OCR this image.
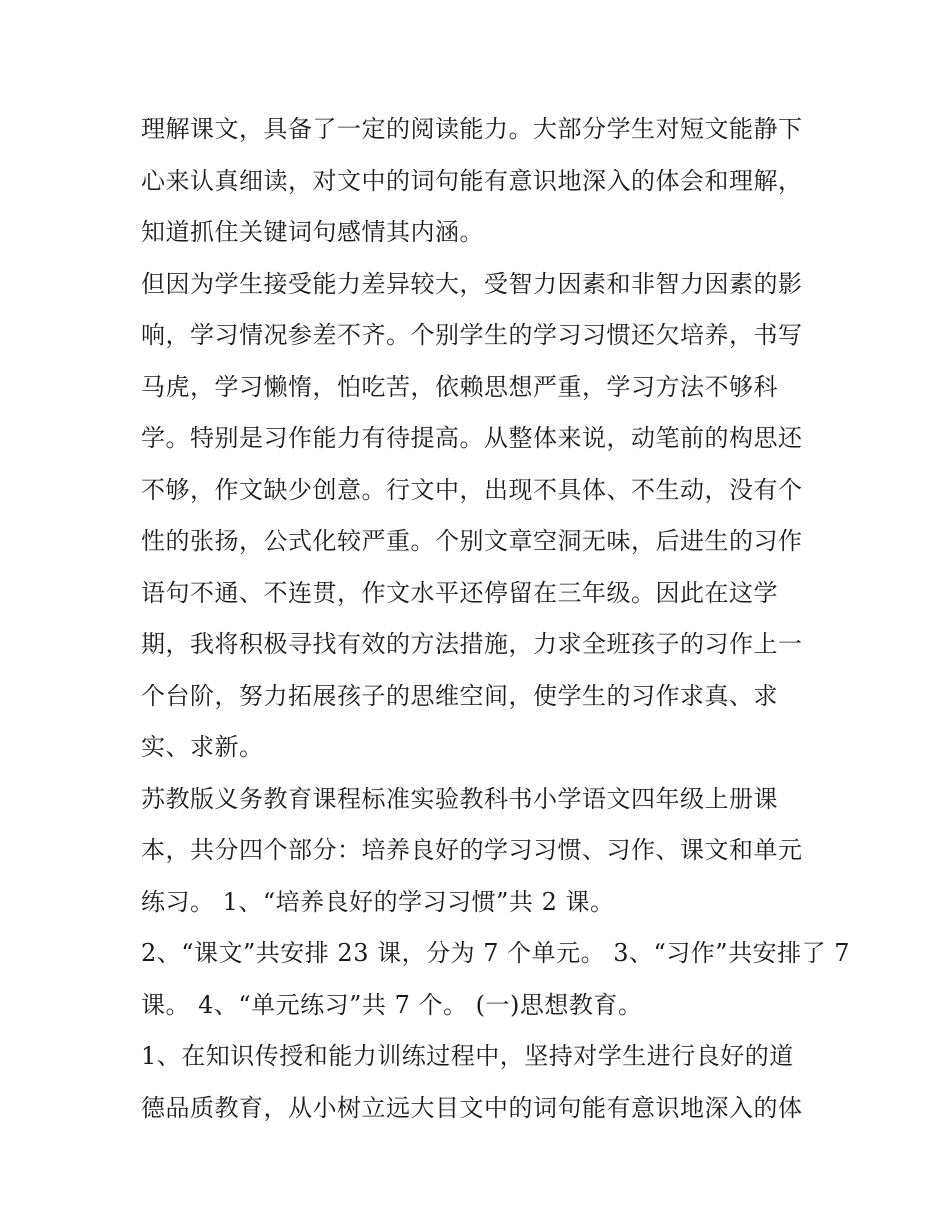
理解课文，具备了一定的阅读能力。大部分学生对短文能静下
心来认真细读，对文中的词句能有意识地深入的体会和理解，
知道抓住关键词句感情其内涵。
但因为学生接受能力差异较大，受智力因素和非智力因素的影
响，学习情况参差不齐。个别学生的学习习惯还欠培养，书写
马虎，学习懒惰，怕吃苦，依赖思想严重，学习方法不够科
学。特别是习作能力有待提高。从整体来说，动笔前的构思还
不够，作文缺少创意。行文中，出现不具体、不生动，没有个
性的张扬，公式化较严重。个别文章空洞无味，后进生的习作
语句不通、不连贯，作文水平还停留在三年级。因此在这学
期，我将积极寻找有效的方法措施，力求全班孩子的习作上一
个台阶，努力拓展孩子的思维空间，使学生的习作求真、求
实、求新。
苏教版义务教育课程标准实验教科书小学语文四年级上册课
本，共分四个部分：培养良好的学习习惯、习作、课文和单元
练习。 1、“培养良好的学习习惯”共 2 课。
2、“课文”共安排 23 课，分为 7 个单元。 3、“习作”共安排了 7
课。 4、“单元练习”共 7 个。 (一)思想教育。
1、在知识传授和能力训练过程中，坚持对学生进行良好的道
德品质教育，从小树立远大目文中的词句能有意识地深入的体
